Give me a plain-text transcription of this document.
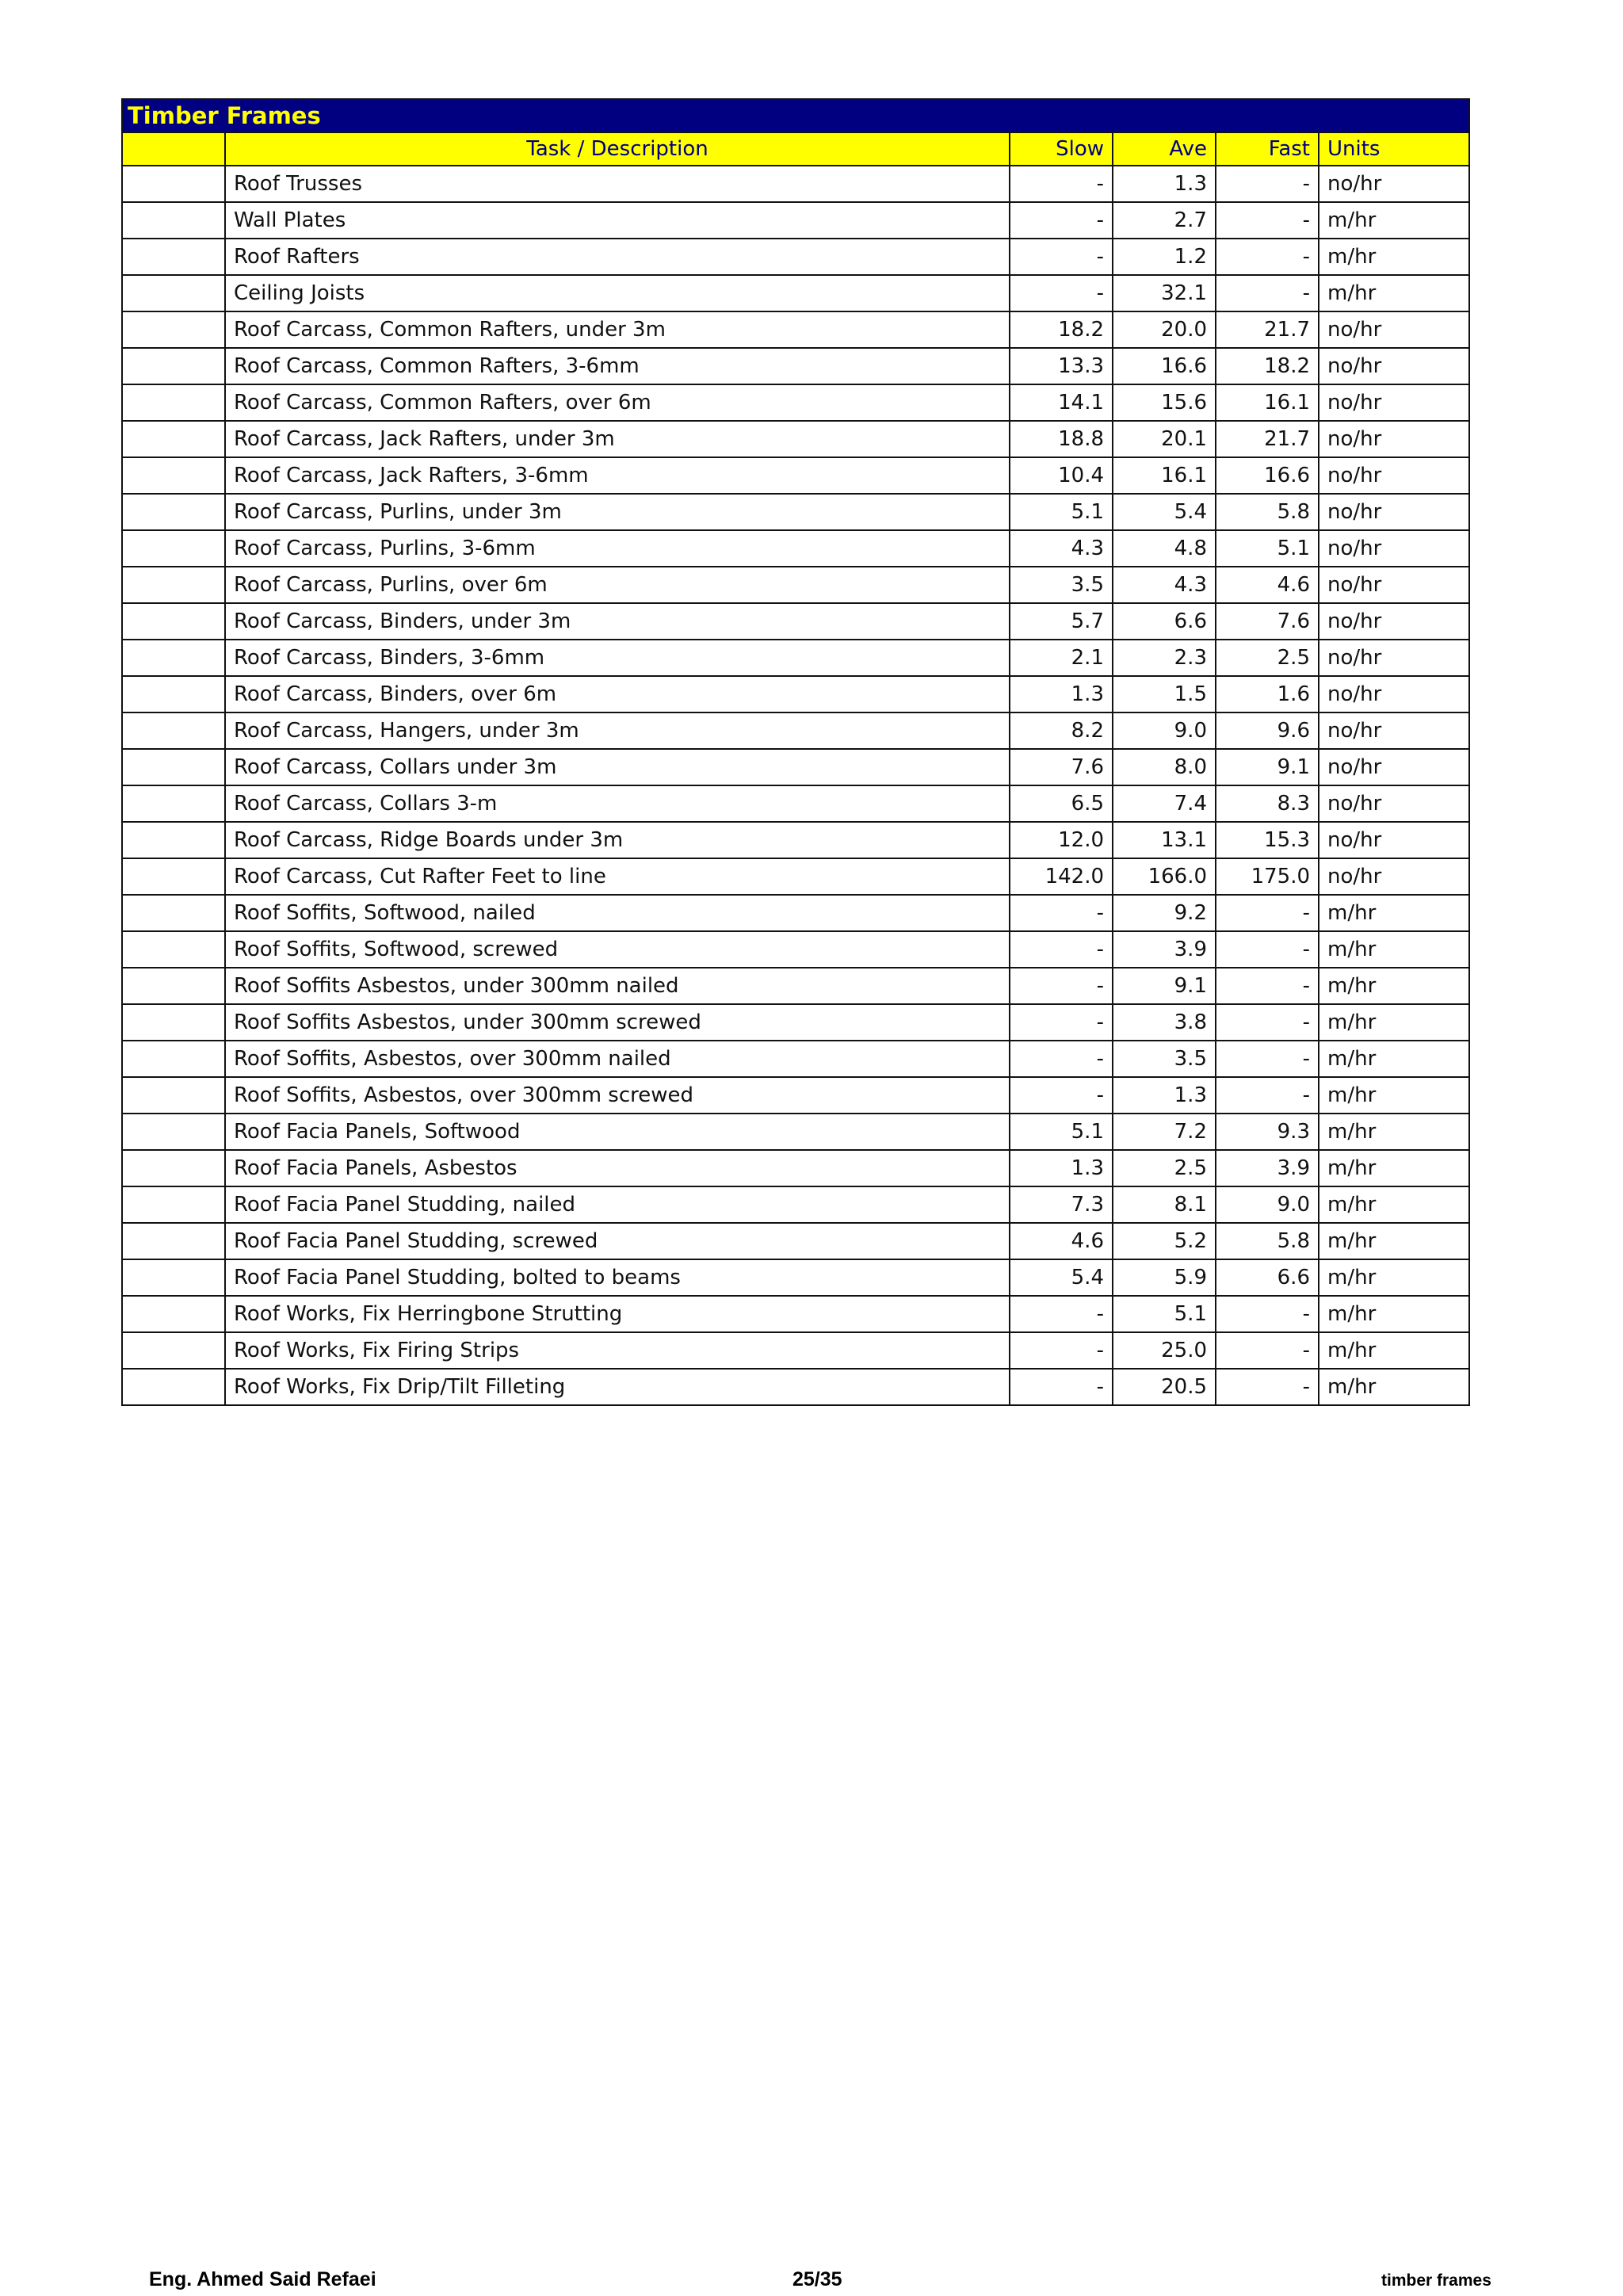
Timber Frames					
	Task / Description	Slow	Ave	Fast	Units
	Roof Trusses	-	1.3	-	no/hr
	Wall Plates	-	2.7	-	m/hr
	Roof Rafters	-	1.2	-	m/hr
	Ceiling Joists	-	32.1	-	m/hr
	Roof Carcass, Common Rafters, under 3m	18.2	20.0	21.7	no/hr
	Roof Carcass, Common Rafters, 3-6mm	13.3	16.6	18.2	no/hr
	Roof Carcass, Common Rafters, over 6m	14.1	15.6	16.1	no/hr
	Roof Carcass, Jack Rafters, under 3m	18.8	20.1	21.7	no/hr
	Roof Carcass, Jack Rafters, 3-6mm	10.4	16.1	16.6	no/hr
	Roof Carcass, Purlins, under 3m	5.1	5.4	5.8	no/hr
	Roof Carcass, Purlins, 3-6mm	4.3	4.8	5.1	no/hr
	Roof Carcass, Purlins, over 6m	3.5	4.3	4.6	no/hr
	Roof Carcass, Binders, under 3m	5.7	6.6	7.6	no/hr
	Roof Carcass, Binders, 3-6mm	2.1	2.3	2.5	no/hr
	Roof Carcass, Binders, over 6m	1.3	1.5	1.6	no/hr
	Roof Carcass, Hangers, under 3m	8.2	9.0	9.6	no/hr
	Roof Carcass, Collars under 3m	7.6	8.0	9.1	no/hr
	Roof Carcass, Collars 3-m	6.5	7.4	8.3	no/hr
	Roof Carcass, Ridge Boards under 3m	12.0	13.1	15.3	no/hr
	Roof Carcass, Cut Rafter Feet to line	142.0	166.0	175.0	no/hr
	Roof Soffits, Softwood, nailed	-	9.2	-	m/hr
	Roof Soffits, Softwood, screwed	-	3.9	-	m/hr
	Roof Soffits Asbestos, under 300mm nailed	-	9.1	-	m/hr
	Roof Soffits Asbestos, under 300mm screwed	-	3.8	-	m/hr
	Roof Soffits, Asbestos, over 300mm nailed	-	3.5	-	m/hr
	Roof Soffits, Asbestos, over 300mm screwed	-	1.3	-	m/hr
	Roof Facia Panels, Softwood	5.1	7.2	9.3	m/hr
	Roof Facia Panels, Asbestos	1.3	2.5	3.9	m/hr
	Roof Facia Panel Studding, nailed	7.3	8.1	9.0	m/hr
	Roof Facia Panel Studding, screwed	4.6	5.2	5.8	m/hr
	Roof Facia Panel Studding, bolted to beams	5.4	5.9	6.6	m/hr
	Roof Works, Fix Herringbone Strutting	-	5.1	-	m/hr
	Roof Works, Fix Firing Strips	-	25.0	-	m/hr
	Roof Works, Fix Drip/Tilt Filleting	-	20.5	-	m/hr
Eng. Ahmed Said Refaei	25/35	timber frames
